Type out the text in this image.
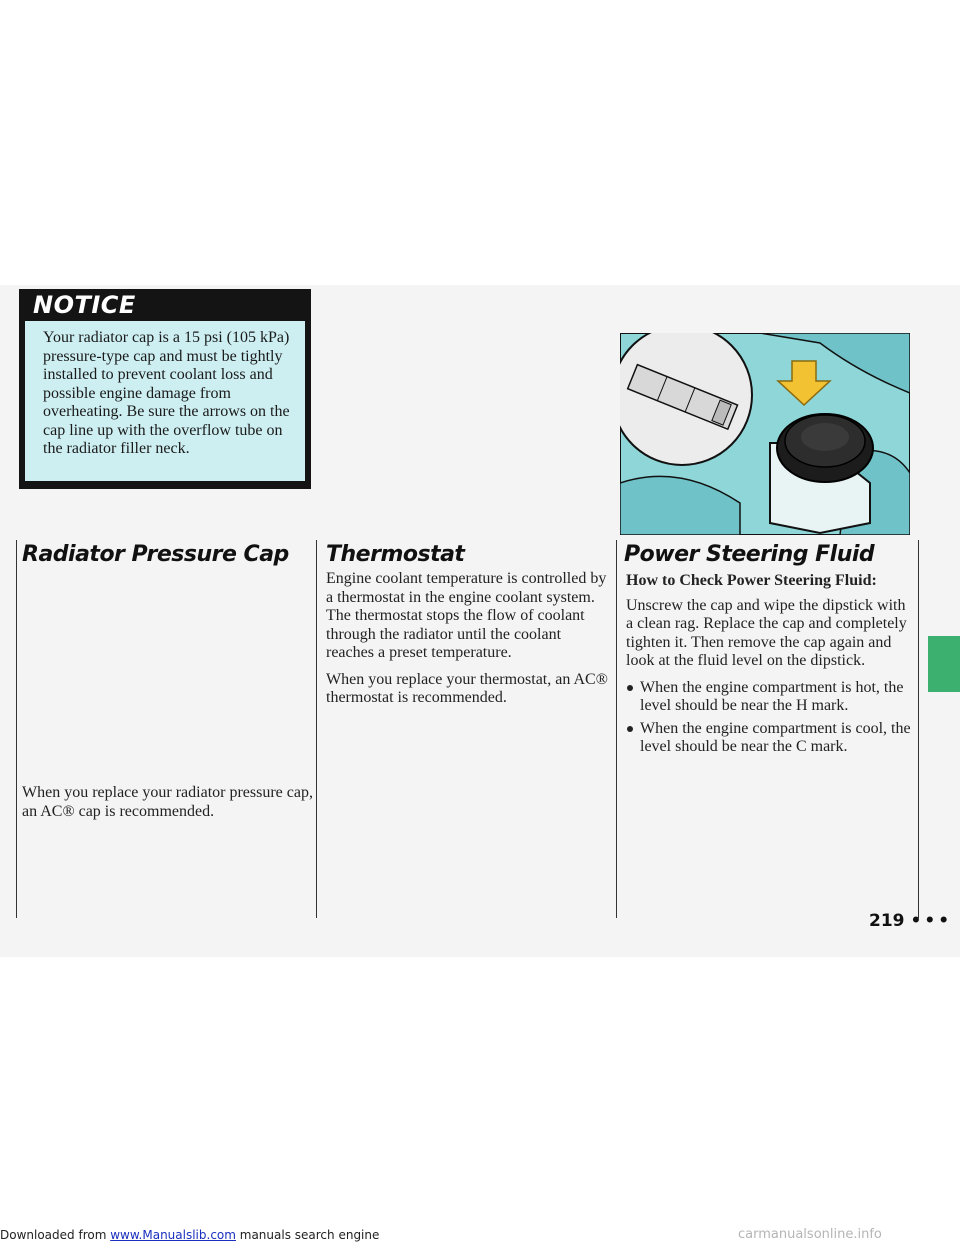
Radiator Pressure Cap
NOTICE
Your radiator cap is a 15 psi (105 kPa) pressure-type cap and must be tightly installed to prevent coolant loss and possible engine damage from overheating. Be sure the arrows on the cap line up with the overflow tube on the radiator filler neck.

When you replace your radiator pressure cap, an AC® cap is recommended.

Thermostat

Engine coolant temperature is controlled by a thermostat in the engine coolant system. The thermostat stops the flow of coolant through the radiator until the coolant reaches a preset temperature.

When you replace your thermostat, an AC® thermostat is recommended.

Power Steering Fluid
How to Check Power Steering Fluid:

Unscrew the cap and wipe the dipstick with a clean rag. Replace the cap and completely tighten it. Then remove the cap again and look at the fluid level on the dipstick.

When the engine compartment is hot, the level should be near the H mark.
When the engine compartment is cool, the level should be near the C mark.
219 •••
Downloaded from www.Manualslib.com manuals search engine	carmanualsonline.info
